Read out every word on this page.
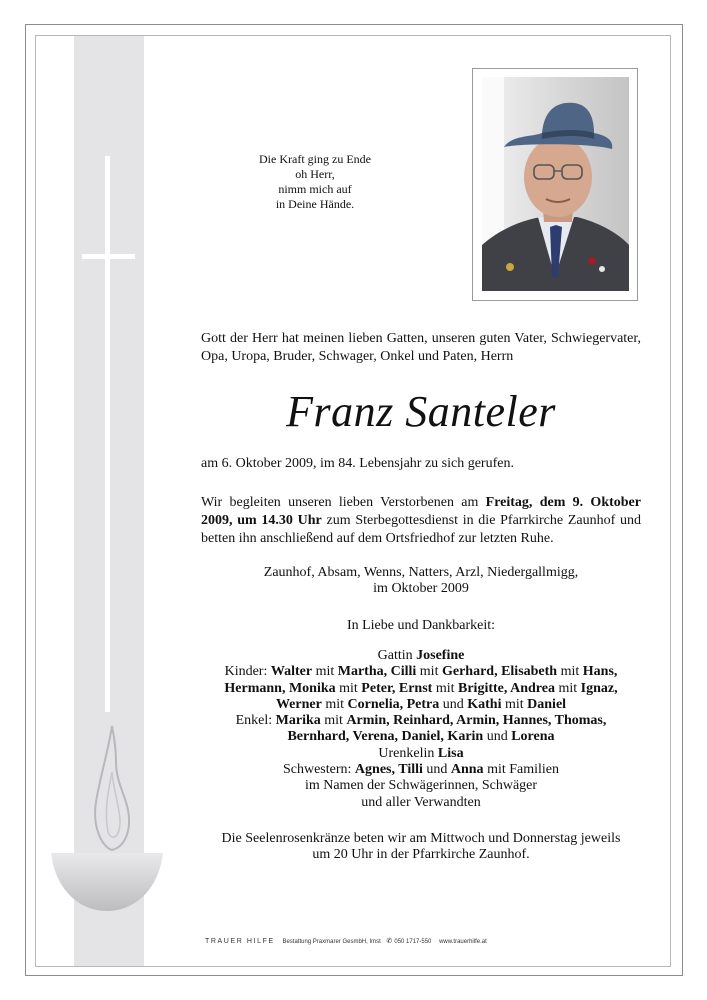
Die Kraft ging zu Ende
oh Herr,
nimm mich auf
in Deine Hände.
Gott der Herr hat meinen lieben Gatten, unseren guten Vater, Schwiegervater, Opa, Uropa, Bruder, Schwager, Onkel und Paten, Herrn
Franz Santeler
am 6. Oktober 2009, im 84. Lebensjahr zu sich gerufen.
Wir begleiten unseren lieben Verstorbenen am Freitag, dem 9. Oktober 2009, um 14.30 Uhr zum Sterbegottesdienst in die Pfarrkirche Zaunhof und betten ihn anschließend auf dem Ortsfriedhof zur letzten Ruhe.
Zaunhof, Absam, Wenns, Natters, Arzl, Niedergallmigg,
im Oktober 2009
In Liebe und Dankbarkeit:
Gattin Josefine
Kinder: Walter mit Martha, Cilli mit Gerhard, Elisabeth mit Hans,
Hermann, Monika mit Peter, Ernst mit Brigitte, Andrea mit Ignaz,
Werner mit Cornelia, Petra und Kathi mit Daniel
Enkel: Marika mit Armin, Reinhard, Armin, Hannes, Thomas,
Bernhard, Verena, Daniel, Karin und Lorena
Urenkelin Lisa
Schwestern: Agnes, Tilli und Anna mit Familien
im Namen der Schwägerinnen, Schwäger
und aller Verwandten
Die Seelenrosenkränze beten wir am Mittwoch und Donnerstag jeweils
um 20 Uhr in der Pfarrkirche Zaunhof.
TRAUER HILFE Bestattung Praxmarer GesmbH, Imst ✆ 050 1717-550 www.trauerhilfe.at
